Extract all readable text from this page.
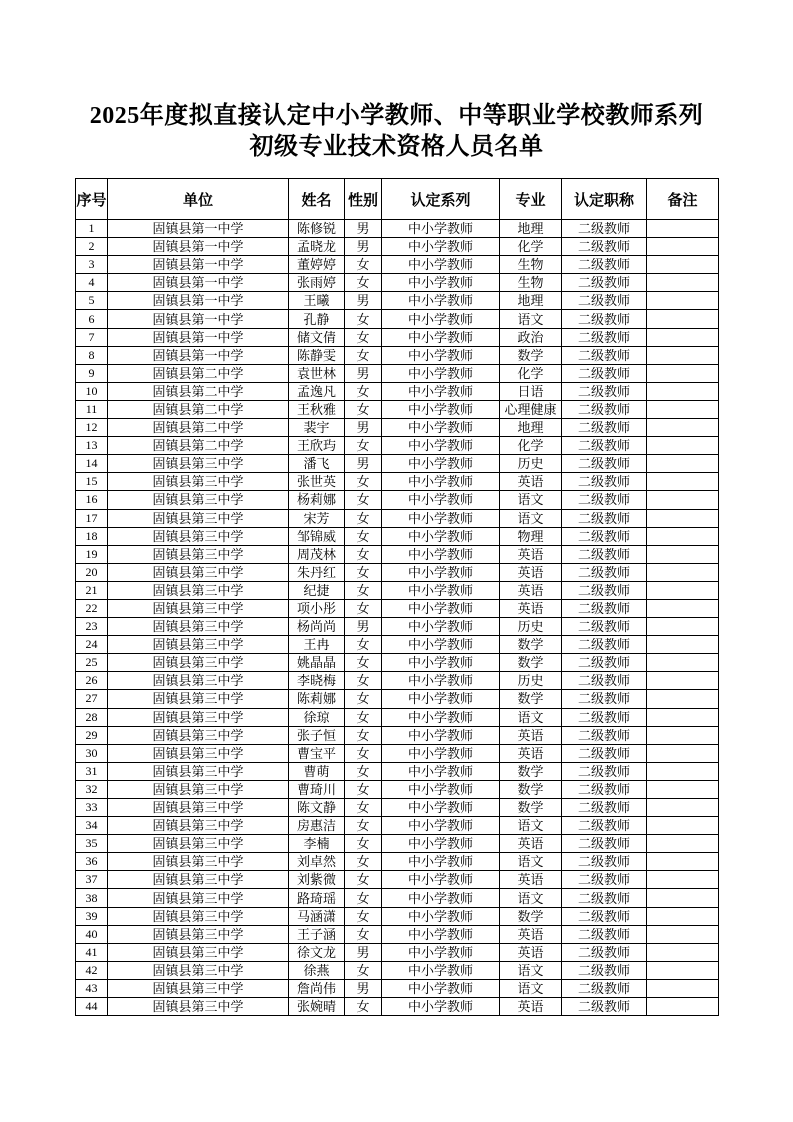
2025年度拟直接认定中小学教师、中等职业学校教师系列
初级专业技术资格人员名单
序号	单位	姓名	性别	认定系列	专业	认定职称	备注
1	固镇县第一中学	陈修锐	男	中小学教师	地理	二级教师	
2	固镇县第一中学	孟晓龙	男	中小学教师	化学	二级教师	
3	固镇县第一中学	董婷婷	女	中小学教师	生物	二级教师	
4	固镇县第一中学	张雨婷	女	中小学教师	生物	二级教师	
5	固镇县第一中学	王曦	男	中小学教师	地理	二级教师	
6	固镇县第一中学	孔静	女	中小学教师	语文	二级教师	
7	固镇县第一中学	储文倩	女	中小学教师	政治	二级教师	
8	固镇县第一中学	陈静雯	女	中小学教师	数学	二级教师	
9	固镇县第二中学	袁世林	男	中小学教师	化学	二级教师	
10	固镇县第二中学	孟逸凡	女	中小学教师	日语	二级教师	
11	固镇县第二中学	王秋雅	女	中小学教师	心理健康	二级教师	
12	固镇县第二中学	裴宇	男	中小学教师	地理	二级教师	
13	固镇县第二中学	王欣玙	女	中小学教师	化学	二级教师	
14	固镇县第三中学	潘飞	男	中小学教师	历史	二级教师	
15	固镇县第三中学	张世英	女	中小学教师	英语	二级教师	
16	固镇县第三中学	杨莉娜	女	中小学教师	语文	二级教师	
17	固镇县第三中学	宋芳	女	中小学教师	语文	二级教师	
18	固镇县第三中学	邹锦威	女	中小学教师	物理	二级教师	
19	固镇县第三中学	周茂林	女	中小学教师	英语	二级教师	
20	固镇县第三中学	朱丹红	女	中小学教师	英语	二级教师	
21	固镇县第三中学	纪捷	女	中小学教师	英语	二级教师	
22	固镇县第三中学	项小彤	女	中小学教师	英语	二级教师	
23	固镇县第三中学	杨尚尚	男	中小学教师	历史	二级教师	
24	固镇县第三中学	王冉	女	中小学教师	数学	二级教师	
25	固镇县第三中学	姚晶晶	女	中小学教师	数学	二级教师	
26	固镇县第三中学	李晓梅	女	中小学教师	历史	二级教师	
27	固镇县第三中学	陈莉娜	女	中小学教师	数学	二级教师	
28	固镇县第三中学	徐琼	女	中小学教师	语文	二级教师	
29	固镇县第三中学	张子恒	女	中小学教师	英语	二级教师	
30	固镇县第三中学	曹宝平	女	中小学教师	英语	二级教师	
31	固镇县第三中学	曹萌	女	中小学教师	数学	二级教师	
32	固镇县第三中学	曹琦川	女	中小学教师	数学	二级教师	
33	固镇县第三中学	陈文静	女	中小学教师	数学	二级教师	
34	固镇县第三中学	房惠洁	女	中小学教师	语文	二级教师	
35	固镇县第三中学	李楠	女	中小学教师	英语	二级教师	
36	固镇县第三中学	刘卓然	女	中小学教师	语文	二级教师	
37	固镇县第三中学	刘紫微	女	中小学教师	英语	二级教师	
38	固镇县第三中学	路琦瑶	女	中小学教师	语文	二级教师	
39	固镇县第三中学	马涵潇	女	中小学教师	数学	二级教师	
40	固镇县第三中学	王子涵	女	中小学教师	英语	二级教师	
41	固镇县第三中学	徐文龙	男	中小学教师	英语	二级教师	
42	固镇县第三中学	徐燕	女	中小学教师	语文	二级教师	
43	固镇县第三中学	詹尚伟	男	中小学教师	语文	二级教师	
44	固镇县第三中学	张婉晴	女	中小学教师	英语	二级教师	
